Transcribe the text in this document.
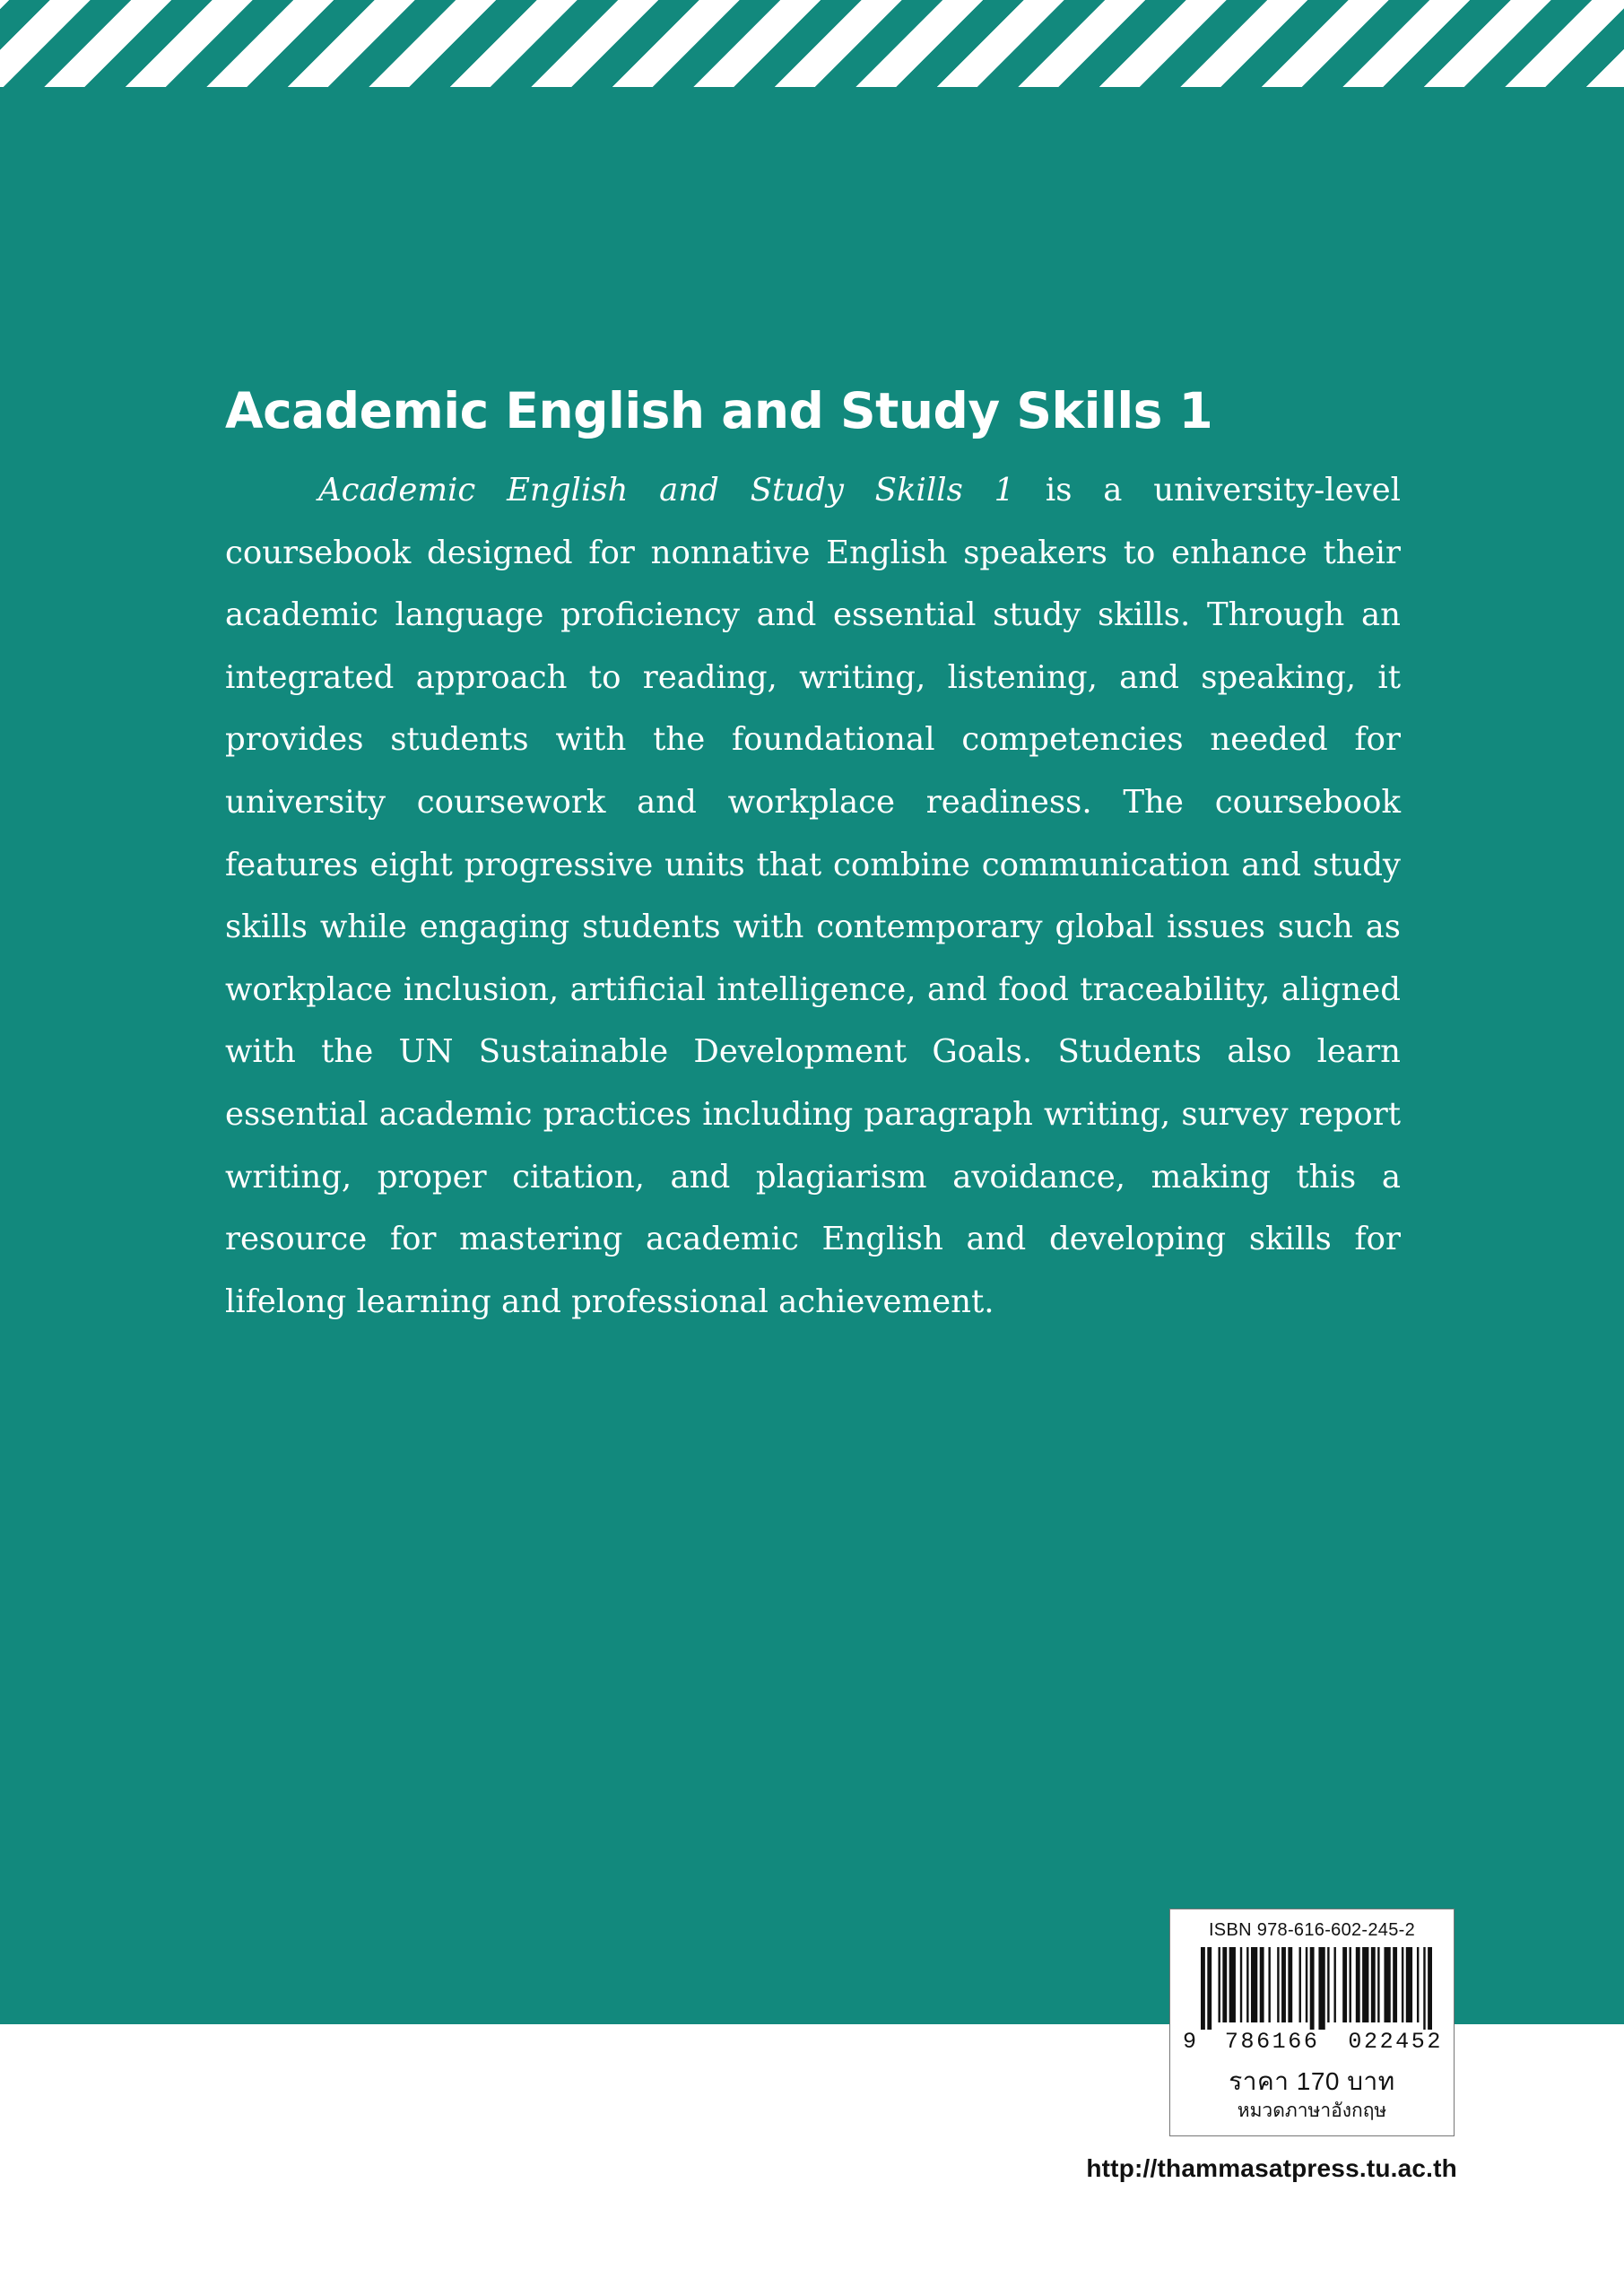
Academic English and Study Skills 1

Academic English and Study Skills 1 is a university-level coursebook designed for nonnative English speakers to enhance their academic language proficiency and essential study skills. Through an integrated approach to reading, writing, listening, and speaking, it provides students with the foundational competencies needed for university coursework and workplace readiness. The coursebook features eight progressive units that combine communication and study skills while engaging students with contemporary global issues such as workplace inclusion, artificial intelligence, and food traceability, aligned with the UN Sustainable Development Goals. Students also learn essential academic practices including paragraph writing, survey report writing, proper citation, and plagiarism avoidance, making this a resource for mastering academic English and developing skills for lifelong learning and professional achievement.

ISBN 978-616-602-245-2
9 786166 022452
ราคา 170 บาท
หมวดภาษาอังกฤษ
http://thammasatpress.tu.ac.th
